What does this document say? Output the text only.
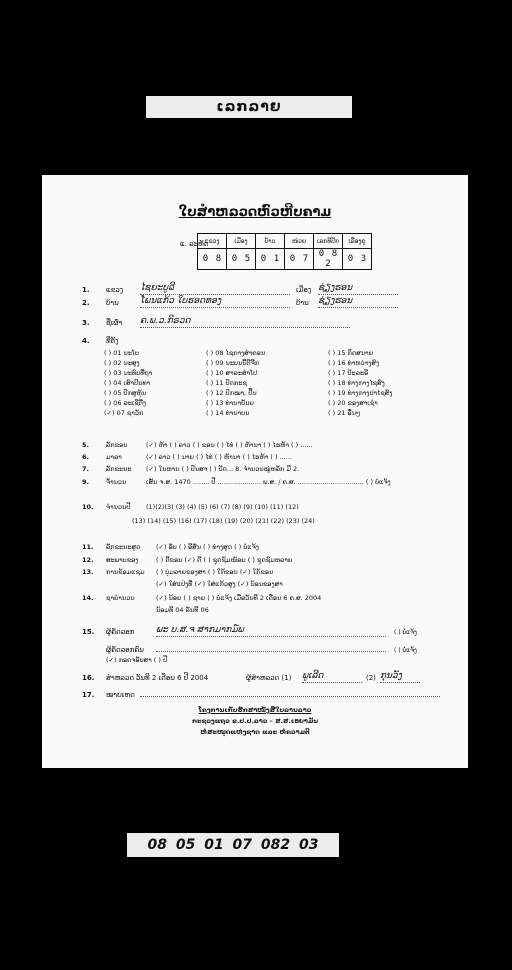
ເລກລາຍ
ໃບສຳຫລວດຫົວຫີບຄາມ
ແ. ລະຫັດ
ແຂວງ	ເມືອງ	ບ້ານ	ໜ່ວຍ	ເລກທີປັກ	ເລືອງຄູ
0 8	0 5	0 1	0 7	0 82	0 3
1.	ແຂວງ	ໄຊຍະບູລີ	ເມືອງ ຊ່ຽງຮອນ
2.	ບ້ານ	ໂພນແກ້ວ ໃບຮອດທອງ	ບ້ານ	ຊ່ຽງຮອນ
3.	ຊື່ເຜົ່າ	ຄ.ພ.ວ.ກິຣວດ
4.	ທີ່ຕັ້ງ
( ) 01 ນະໂບ	( ) 08 ໄຊກາງສຳຄອນ	( ) 15 ກິດສນາຍ
( ) 02 ນະສູງ	( ) 09 ນະບນນີ້ຕີຈີກ	( ) 16 ທ່າຫວ່າງສົງ
( ) 03 ນະທົບທີ່ຖາ	( ) 10 ສາ​ລະສຳໂປ	( ) 17 ປ້ະລະອີ
( ) 04 ເສົາປົນທາ	( ) 11 ປົດກະຊ	( ) 18 ທ່າງກາງໄຊສົງ
( ) 05 ປົກສູຫຸ້ນ	( ) 12 ປົກໝາ, ປື້ນ	( ) 19 ທ່າງກາງປາໄຊສົງ
( ) 06 ລະເຊີຕີ່ງ	( ) 13 ທ່ານາບັນຍ	( ) 20 ຂອງສາເຊໍາ
(✓) 07 ຊາວັກ	( ) 14 ທ່ານາບນ	( ) 21 ອື່ນໆ
5.	ລັກຂອນ	(✓) ຫ້າ ( ) ລາວ ( ) ຂອນ ( ) ໄທ່ ( ) ຫ້ານາ ( ) ໄຮຫ້າ ( ) ......
6.	ມາລາ	(✓) ລາວ ( ) ນາຍ ( ) ໄທ່ ( ) ຫ້ານາ ( ) ໄຮຫ້າ ( ) ......
7.	ລັກຂະນະ (✓) ໃນຫານ ( ) ປົນສາ ( ) ປັດ... 8. ຈຳນວນໝູ່ຫລັກ ມີ 2.
9.	ຈໍ້ານວນ	ເສັ້ນ ຈ.ສ. 1470 ........ ປີ ..................... ພ.ສ. / ຄ.ສ. ................................ ( ) ບໍ່ແຈ້ງ
10. ຈຳນວນປີ (1)(2)(3) (3) (4) (5) (6) (7) (8) (9) (10) (11) (12)
(13) (14) (15) (16) (17) (18) (19) (20) (21) (22) (23) (24)
11. ລັກຂະນະສູດ (✓) ອັບ ( ) ອີສັນ ( ) ທ່າງສູດ ( ) ບໍ່ແຈ້ງ
12. ສະພາບຂອງ	( ) ດີຂອນ (✓) ດີ ( ) ຊຸດຊົມໜ້ອຍ ( ) ຊຸດຊົມຫລາຍ
13. ການຂ້ອມແຊມ ( ) ບຸ່ມລາຍຂອງສາ ( ) ໃກ້ຂອນ (✓) ໃກ້ຂອນ
(✓) ໃສ່ແປ່ງທີ່ (✓) ໃສ່ແກ້ວສູງ (✓) ນ້ອນຂອງສາ
14. ຊາຍຳນວນ	(✓) ນ້ອຍ ( ) ຊາຍ ( ) ບໍ່ແຈ້ງ ເມື່ອວັນທີ 2 ເດືອນ 6 ຄ.ສ. 2004
ນ້ອມທີ 04 ລັນທີ 06
15.	ຜູ້ຄັດລອກ	ພະ ບ.ສ.ຈ ສາກມາກມ໌ພ	( ) ບໍ່ແຈ້ງ
ຜູ້ຄັດລອກຄົນ	( ) ບໍ່ແຈ້ງ
(✓) ກອດຈອັບສາ ( ) ປີ
16.	ສຳຫລວດ ວັນທີ 2 ເດືອນ 6 ປີ 2004	ຜູ້ສຳຫລວດ (1)	ພູເລີດ	(2) ກຸນວັງ
17.	ໝາຍເຫດ
ໂຄງການເກັບຮັກສາໜັງສືໃບລານລາວ
ກະຊວງແຖວ ຂ.ປ.ປ.ລາວ – ສ.ສ.ເອຍາມັນ
ຫໍສະໝຸດແຫ່ງຊາດ ແລະ ຫໍຄວາມຕີ
08 05 01 07 082 03
